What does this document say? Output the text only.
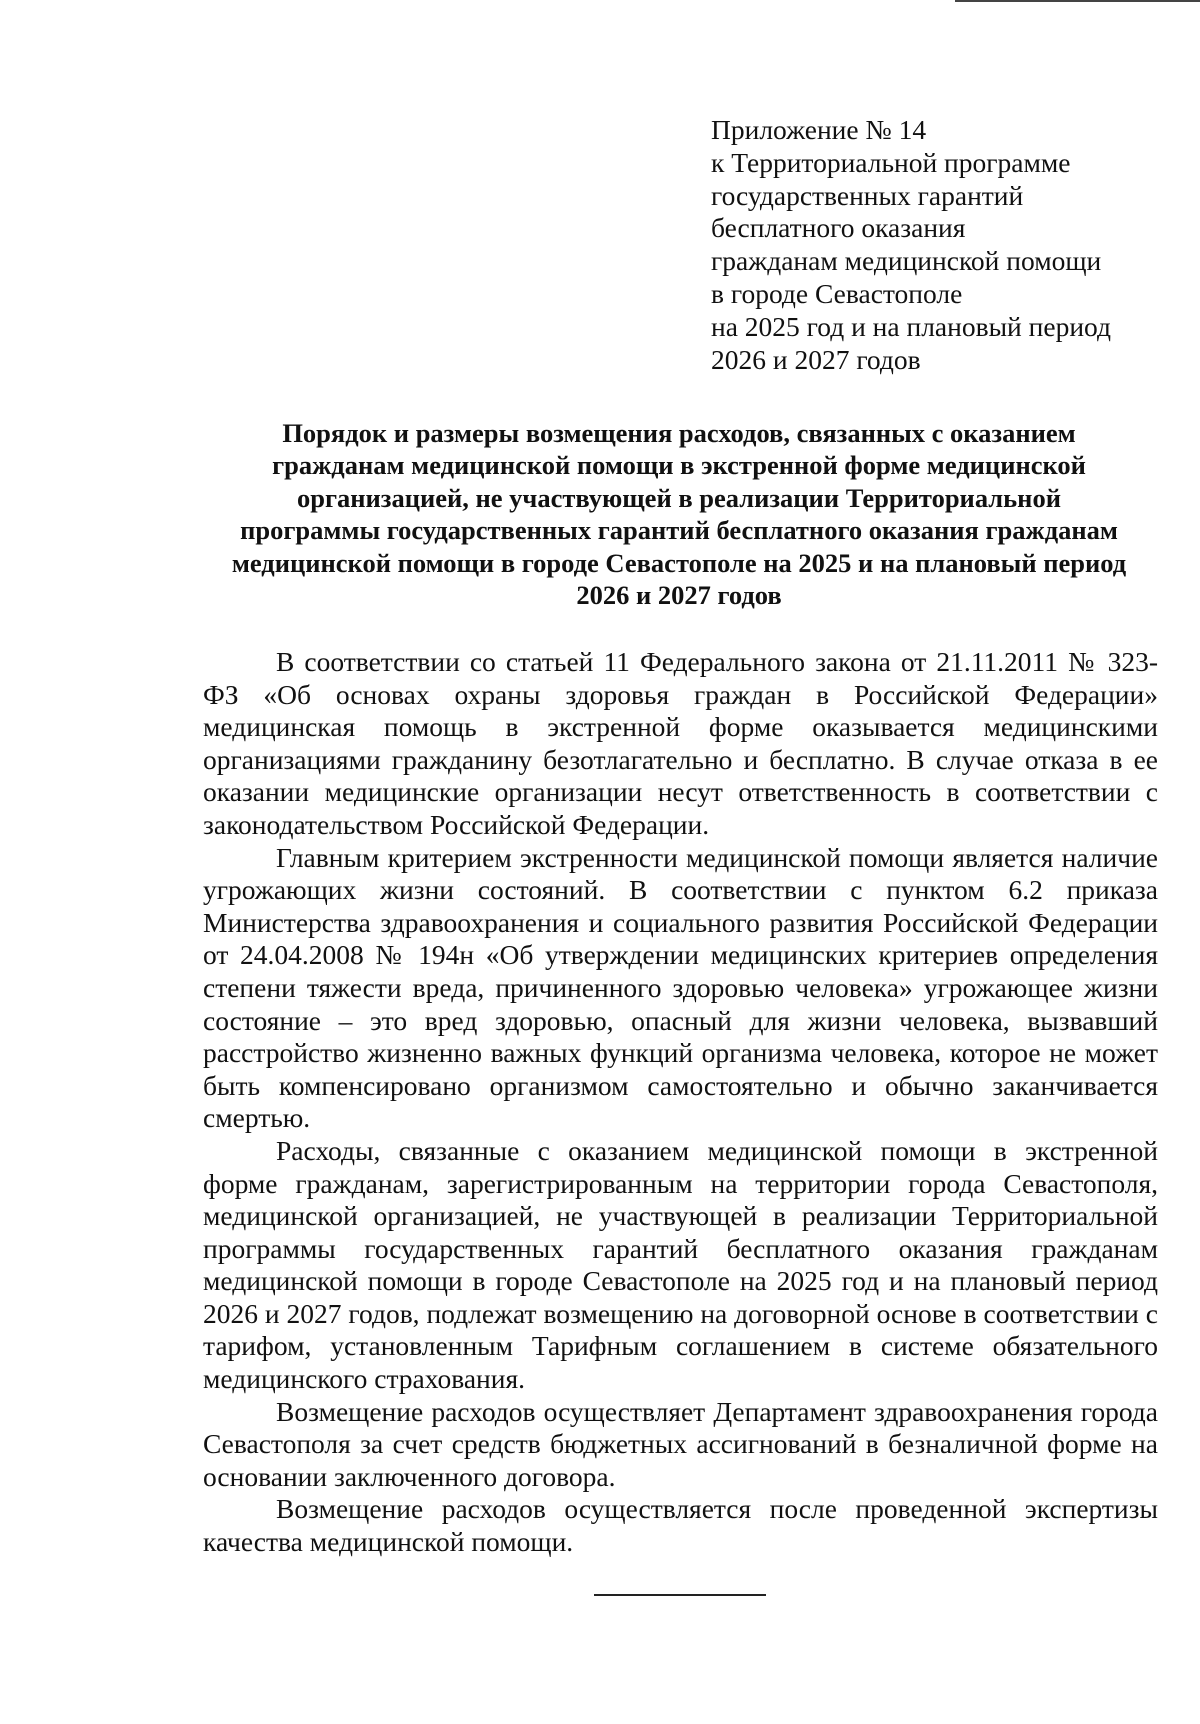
Приложение № 14
к Территориальной программе
государственных гарантий
бесплатного оказания
гражданам медицинской помощи
в городе Севастополе
на 2025 год и на плановый период
2026 и 2027 годов
Порядок и размеры возмещения расходов, связанных с оказанием
гражданам медицинской помощи в экстренной форме медицинской
организацией, не участвующей в реализации Территориальной
программы государственных гарантий бесплатного оказания гражданам
медицинской помощи в городе Севастополе на 2025 и на плановый период
2026 и 2027 годов

В соответствии со статьей 11 Федерального закона от 21.11.2011 № 323-ФЗ «Об основах охраны здоровья граждан в Российской Федерации» медицинская помощь в экстренной форме оказывается медицинскими организациями гражданину безотлагательно и бесплатно. В случае отказа в ее оказании медицинские организации несут ответственность в соответствии с законодательством Российской Федерации.

Главным критерием экстренности медицинской помощи является наличие угрожающих жизни состояний. В соответствии с пунктом 6.2 приказа Министерства здравоохранения и социального развития Российской Федерации от 24.04.2008 № 194н «Об утверждении медицинских критериев определения степени тяжести вреда, причиненного здоровью человека» угрожающее жизни состояние – это вред здоровью, опасный для жизни человека, вызвавший расстройство жизненно важных функций организма человека, которое не может быть компенсировано организмом самостоятельно и обычно заканчивается смертью.

Расходы, связанные с оказанием медицинской помощи в экстренной форме гражданам, зарегистрированным на территории города Севастополя, медицинской организацией, не участвующей в реализации Территориальной программы государственных гарантий бесплатного оказания гражданам медицинской помощи в городе Севастополе на 2025 год и на плановый период 2026 и 2027 годов, подлежат возмещению на договорной основе в соответствии с тарифом, установленным Тарифным соглашением в системе обязательного медицинского страхования.

Возмещение расходов осуществляет Департамент здравоохранения города Севастополя за счет средств бюджетных ассигнований в безналичной форме на основании заключенного договора.

Возмещение расходов осуществляется после проведенной экспертизы качества медицинской помощи.
